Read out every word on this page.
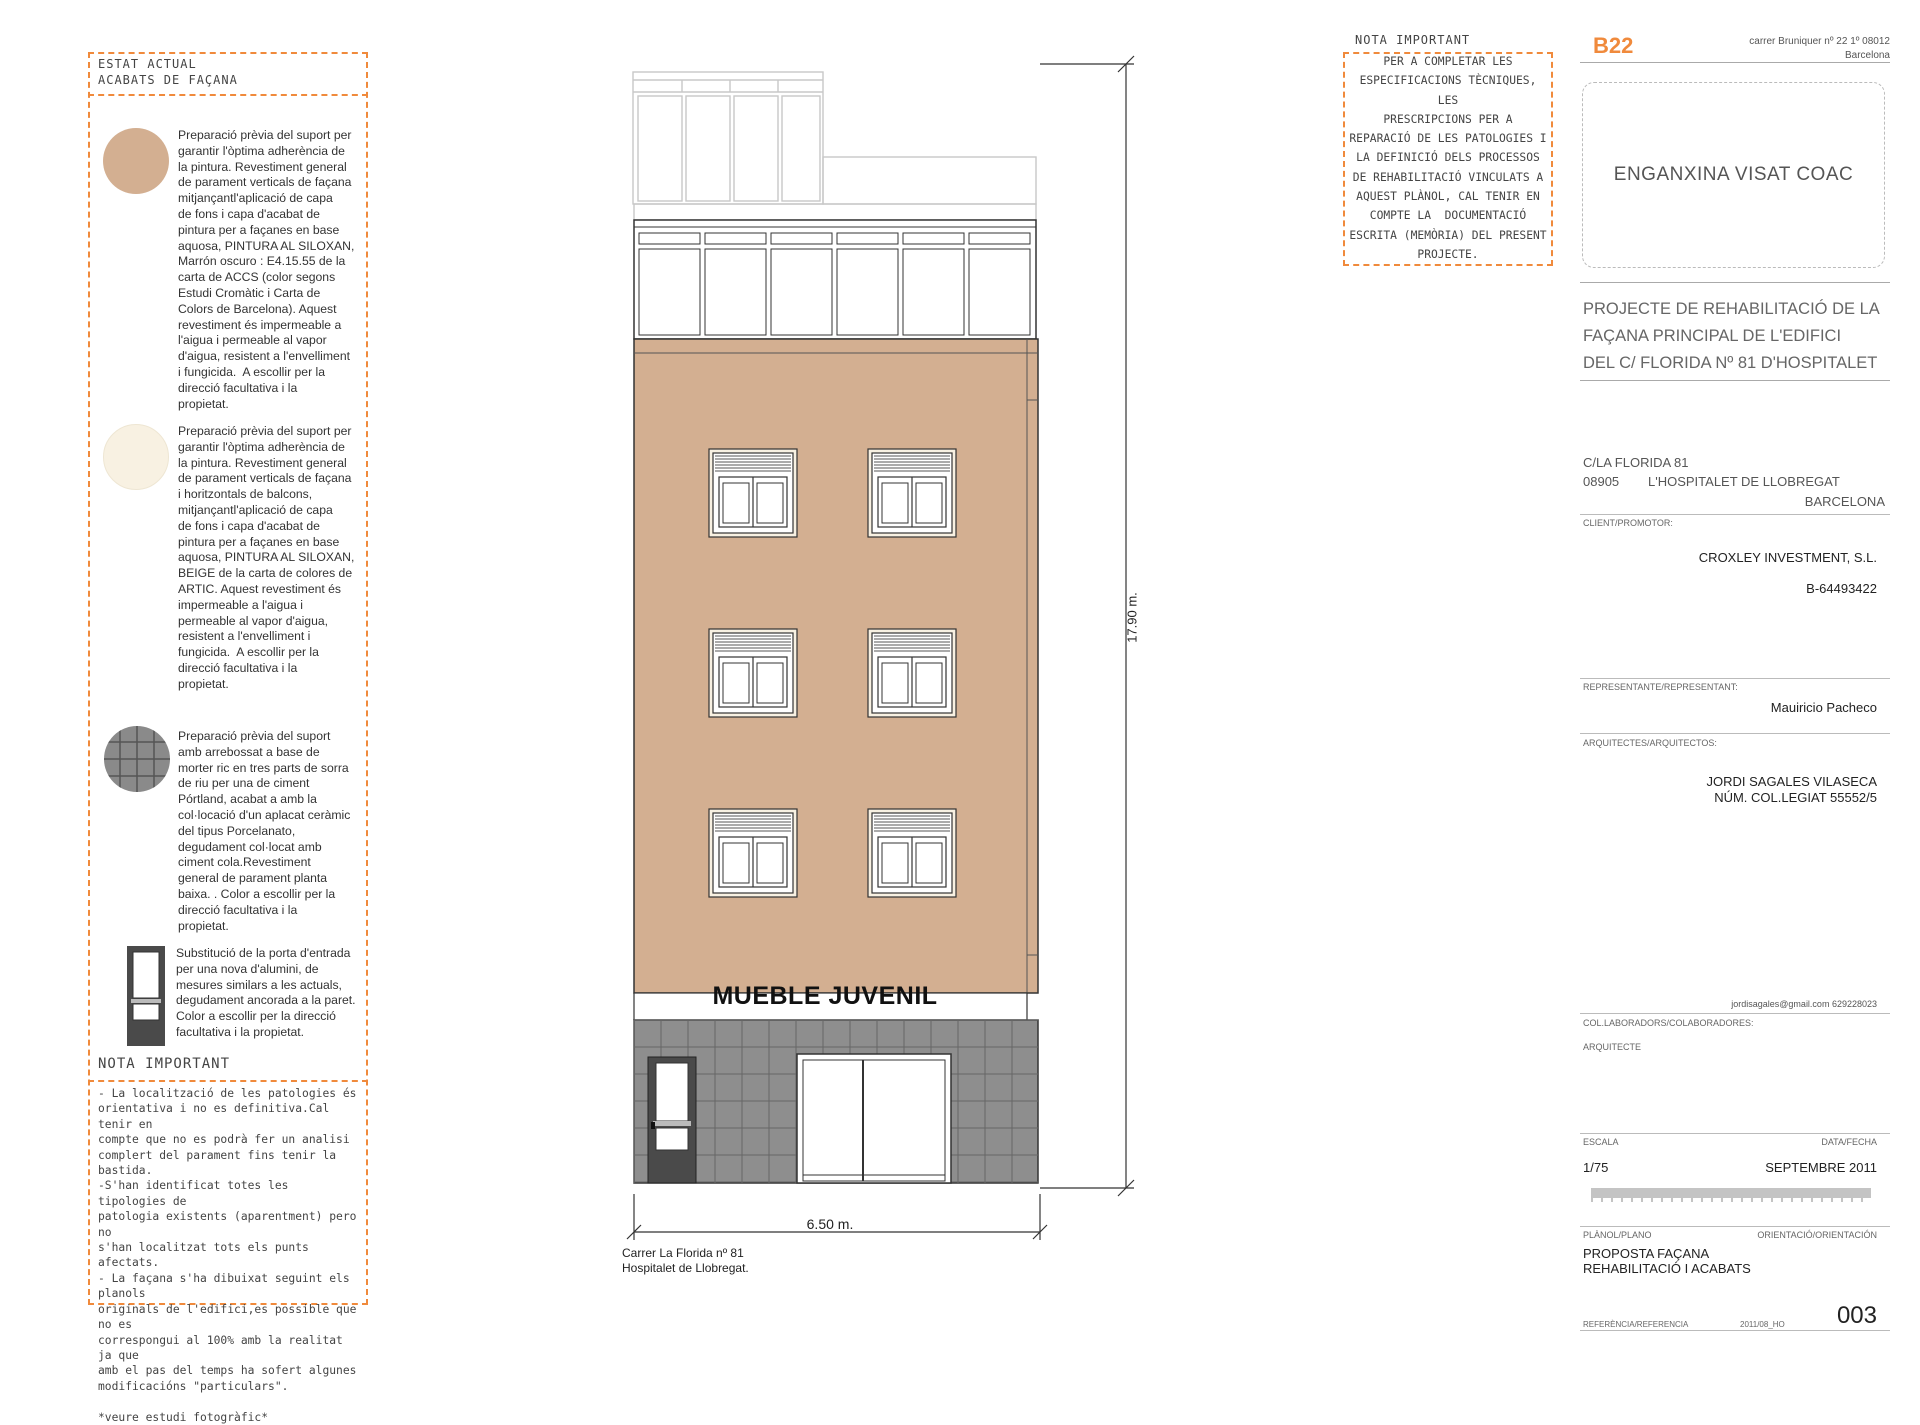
ESTAT ACTUAL
ACABATS DE FAÇANA
Preparació prèvia del suport per
garantir l'òptima adherència de
la pintura. Revestiment general
de parament verticals de façana
mitjançantl'aplicació de capa
de fons i capa d'acabat de
pintura per a façanes en base
aquosa, PINTURA AL SILOXAN,
Marrón oscuro : E4.15.55 de la
carta de ACCS (color segons
Estudi Cromàtic i Carta de
Colors de Barcelona). Aquest
revestiment és impermeable a
l'aigua i permeable al vapor
d'aigua, resistent a l'envelliment
i fungicida.  A escollir per la
direcció facultativa i la
propietat.
Preparació prèvia del suport per
garantir l'òptima adherència de
la pintura. Revestiment general
de parament verticals de façana
i horitzontals de balcons,
mitjançantl'aplicació de capa
de fons i capa d'acabat de
pintura per a façanes en base
aquosa, PINTURA AL SILOXAN,
BEIGE de la carta de colores de
ARTIC. Aquest revestiment és
impermeable a l'aigua i
permeable al vapor d'aigua,
resistent a l'envelliment i
fungicida.  A escollir per la
direcció facultativa i la
propietat.
Preparació prèvia del suport
amb arrebossat a base de
morter ric en tres parts de sorra
de riu per una de ciment
Pórtland, acabat a amb la
col·locació d'un aplacat ceràmic
del tipus Porcelanato,
degudament col·locat amb
ciment cola.Revestiment
general de parament planta
baixa. . Color a escollir per la
direcció facultativa i la
propietat.
Substitució de la porta d'entrada
per una nova d'alumini, de
mesures similars a les actuals,
degudament ancorada a la paret.
Color a escollir per la direcció
facultativa i la propietat.
NOTA IMPORTANT
- La localització de les patologies és
orientativa i no es definitiva.Cal tenir en
compte que no es podrà fer un analisi
complert del parament fins tenir la bastida.
-S'han identificat totes les tipologies de
patologia existents (aparentment) pero no
s'han localitzat tots els punts afectats.
- La façana s'ha dibuixat seguint els planols
originals de l'edifici,es possible que no es
correspongui al 100% amb la realitat ja que
amb el pas del temps ha sofert algunes
modificacións "particulars".

*veure estudi fotogràfic*
MUEBLE JUVENIL
17.90 m.
6.50 m.
Carrer La Florida nº 81
Hospitalet de Llobregat.
NOTA IMPORTANT
PER A COMPLETAR LES
ESPECIFICACIONS TÈCNIQUES, LES
PRESCRIPCIONS PER A
REPARACIÓ DE LES PATOLOGIES I
LA DEFINICIÓ DELS PROCESSOS
DE REHABILITACIÓ VINCULATS A
AQUEST PLÀNOL, CAL TENIR EN
COMPTE LA  DOCUMENTACIÓ
ESCRITA (MEMÒRIA) DEL PRESENT
PROJECTE.
B22	carrer Bruniquer nº 22 1º 08012
Barcelona
ENGANXINA VISAT COAC
PROJECTE DE REHABILITACIÓ DE LA
FAÇANA PRINCIPAL DE L'EDIFICI
DEL C/ FLORIDA Nº 81 D'HOSPITALET
C/LA FLORIDA 81
08905 L'HOSPITALET DE LLOBREGAT
BARCELONA
CLIENT/PROMOTOR:
CROXLEY INVESTMENT, S.L.
B-64493422
REPRESENTANTE/REPRESENTANT:
Mauiricio Pacheco
ARQUITECTES/ARQUITECTOS:
JORDI SAGALES VILASECA
NÚM. COL.LEGIAT 55552/5
jordisagales@gmail.com 629228023
COL.LABORADORS/COLABORADORES:
ARQUITECTE
ESCALA	DATA/FECHA
1/75	SEPTEMBRE 2011
PLÀNOL/PLANO	ORIENTACIÓ/ORIENTACIÓN
PROPOSTA FAÇANA
REHABILITACIÓ I ACABATS
REFERÈNCIA/REFERENCIA	2011/08_HO	003
